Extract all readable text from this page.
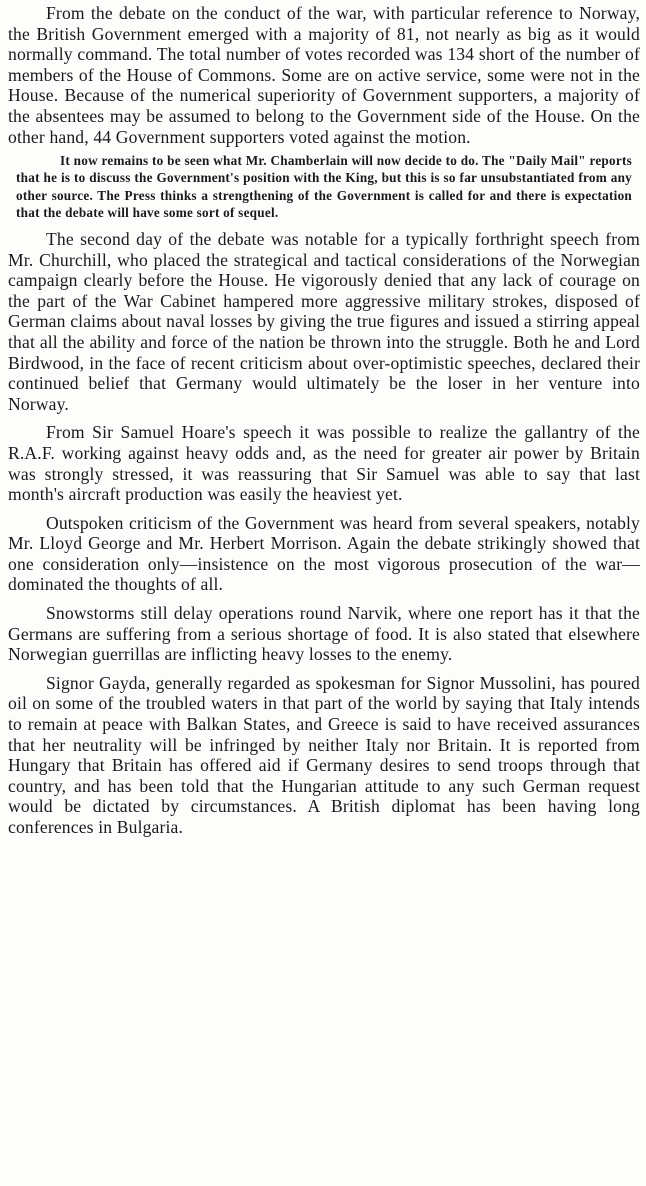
From the debate on the conduct of the war, with particular reference to Norway, the British Government emerged with a majority of 81, not nearly as big as it would normally command. The total number of votes recorded was 134 short of the number of members of the House of Commons. Some are on active service, some were not in the House. Because of the numerical superiority of Government supporters, a majority of the absentees may be assumed to belong to the Government side of the House. On the other hand, 44 Government supporters voted against the motion.

It now remains to be seen what Mr. Chamberlain will now decide to do. The "Daily Mail" reports that he is to discuss the Government's position with the King, but this is so far unsubstantiated from any other source. The Press thinks a strengthening of the Government is called for and there is expectation that the debate will have some sort of sequel.

The second day of the debate was notable for a typically forthright speech from Mr. Churchill, who placed the strategical and tactical considerations of the Norwegian campaign clearly before the House. He vigorously denied that any lack of courage on the part of the War Cabinet hampered more aggressive military strokes, disposed of German claims about naval losses by giving the true figures and issued a stirring appeal that all the ability and force of the nation be thrown into the struggle. Both he and Lord Birdwood, in the face of recent criticism about over-optimistic speeches, declared their continued belief that Germany would ultimately be the loser in her venture into Norway.

From Sir Samuel Hoare's speech it was possible to realize the gallantry of the R.A.F. working against heavy odds and, as the need for greater air power by Britain was strongly stressed, it was reassuring that Sir Samuel was able to say that last month's aircraft production was easily the heaviest yet.

Outspoken criticism of the Government was heard from several speakers, notably Mr. Lloyd George and Mr. Herbert Morrison. Again the debate strikingly showed that one consideration only—insistence on the most vigorous prosecution of the war—dominated the thoughts of all.

Snowstorms still delay operations round Narvik, where one report has it that the Germans are suffering from a serious shortage of food. It is also stated that elsewhere Norwegian guerrillas are inflicting heavy losses to the enemy.

Signor Gayda, generally regarded as spokesman for Signor Mussolini, has poured oil on some of the troubled waters in that part of the world by saying that Italy intends to remain at peace with Balkan States, and Greece is said to have received assurances that her neutrality will be infringed by neither Italy nor Britain. It is reported from Hungary that Britain has offered aid if Germany desires to send troops through that country, and has been told that the Hungarian attitude to any such German request would be dictated by circumstances. A British diplomat has been having long conferences in Bulgaria.
